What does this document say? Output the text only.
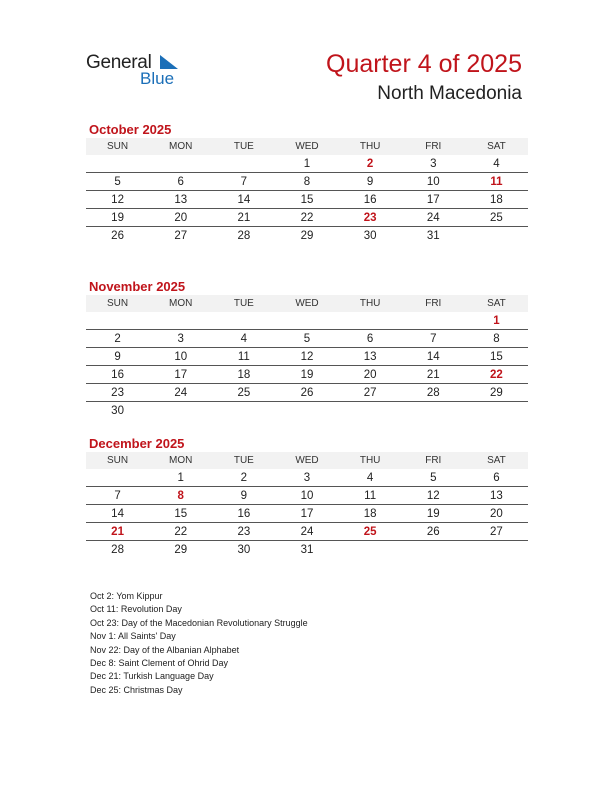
General
Blue
Quarter 4 of 2025
North Macedonia
October 2025
SUN	MON	TUE	WED	THU	FRI	SAT
			1	2	3	4
5	6	7	8	9	10	11
12	13	14	15	16	17	18
19	20	21	22	23	24	25
26	27	28	29	30	31	
November 2025
SUN	MON	TUE	WED	THU	FRI	SAT
						1
2	3	4	5	6	7	8
9	10	11	12	13	14	15
16	17	18	19	20	21	22
23	24	25	26	27	28	29
30						
December 2025
SUN	MON	TUE	WED	THU	FRI	SAT
	1	2	3	4	5	6
7	8	9	10	11	12	13
14	15	16	17	18	19	20
21	22	23	24	25	26	27
28	29	30	31			
Oct 2: Yom Kippur
Oct 11: Revolution Day
Oct 23: Day of the Macedonian Revolutionary Struggle
Nov 1: All Saints' Day
Nov 22: Day of the Albanian Alphabet
Dec 8: Saint Clement of Ohrid Day
Dec 21: Turkish Language Day
Dec 25: Christmas Day
